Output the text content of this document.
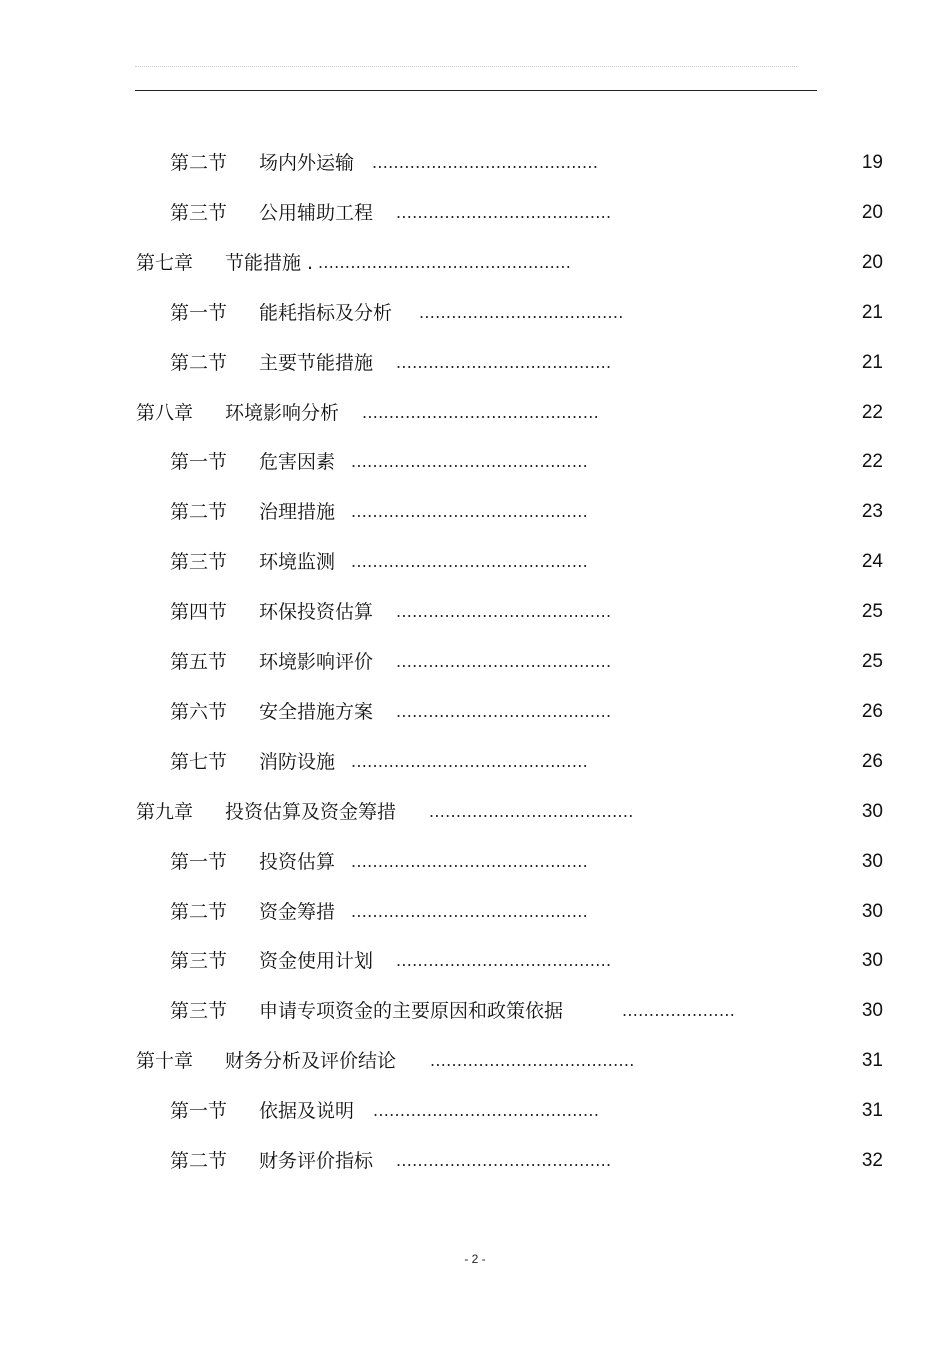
第二节 场内外运输 ..........................................	19
第三节 公用辅助工程 ........................................	20
第七章 节能措施 . ...............................................	20
第一节 能耗指标及分析 ......................................	21
第二节 主要节能措施 ........................................	21
第八章 环境影响分析 ............................................	22
第一节 危害因素 ............................................	22
第二节 治理措施 ............................................	23
第三节 环境监测 ............................................	24
第四节 环保投资估算 ........................................	25
第五节 环境影响评价 ........................................	25
第六节 安全措施方案 ........................................	26
第七节 消防设施 ............................................	26
第九章 投资估算及资金筹措 ......................................	30
第一节 投资估算 ............................................	30
第二节 资金筹措 ............................................	30
第三节 资金使用计划 ........................................	30
第三节 申请专项资金的主要原因和政策依据	.....................	30
第十章 财务分析及评价结论 ......................................	31
第一节 依据及说明 ..........................................	31
第二节 财务评价指标 ........................................	32
- 2 -
